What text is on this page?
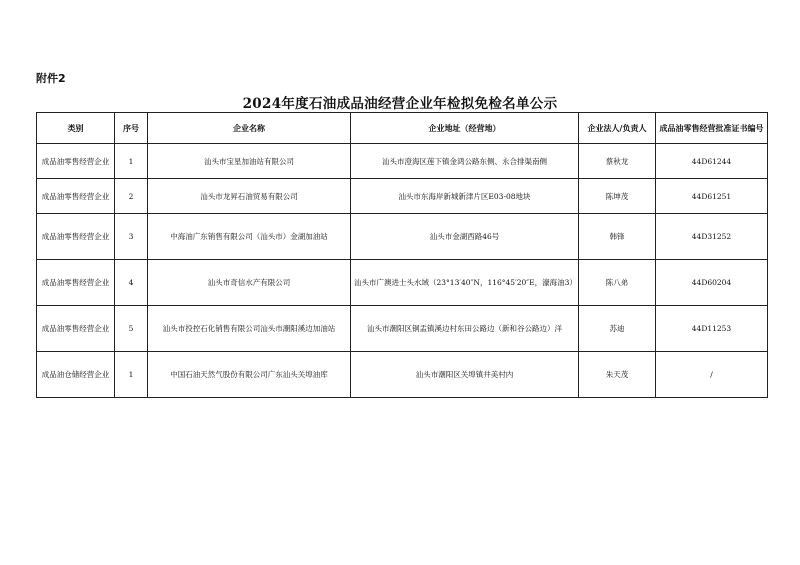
附件2
2024年度石油成品油经营企业年检拟免检名单公示
类别	序号	企业名称	企业地址（经营地）	企业法人/负责人	成品油零售经营批准证书编号
成品油零售经营企业	1	汕头市宝星加油站有限公司	汕头市澄海区莲下镇金鸿公路东侧、永合排渠南侧	蔡秋龙	44D61244
成品油零售经营企业	2	汕头市龙昇石油贸易有限公司	汕头市东海岸新城新津片区E03-08地块	陈坤茂	44D61251
成品油零售经营企业	3	中海油广东销售有限公司（汕头市）金湖加油站	汕头市金湖西路46号	韩锋	44D31252
成品油零售经营企业	4	汕头市奇信水产有限公司	汕头市广澳进士头水域（23°13′40″N，116°45′20″E，濠海油3）	陈八弟	44D60204
成品油零售经营企业	5	汕头市投控石化销售有限公司汕头市潮阳溪边加油站	汕头市潮阳区铜盂镇溪边村东田公路边（新和谷公路边）洋	苏迪	44D11253
成品油仓储经营企业	1	中国石油天然气股份有限公司广东汕头关埠油库	汕头市潮阳区关埠镇井美村内	朱天茂	/
